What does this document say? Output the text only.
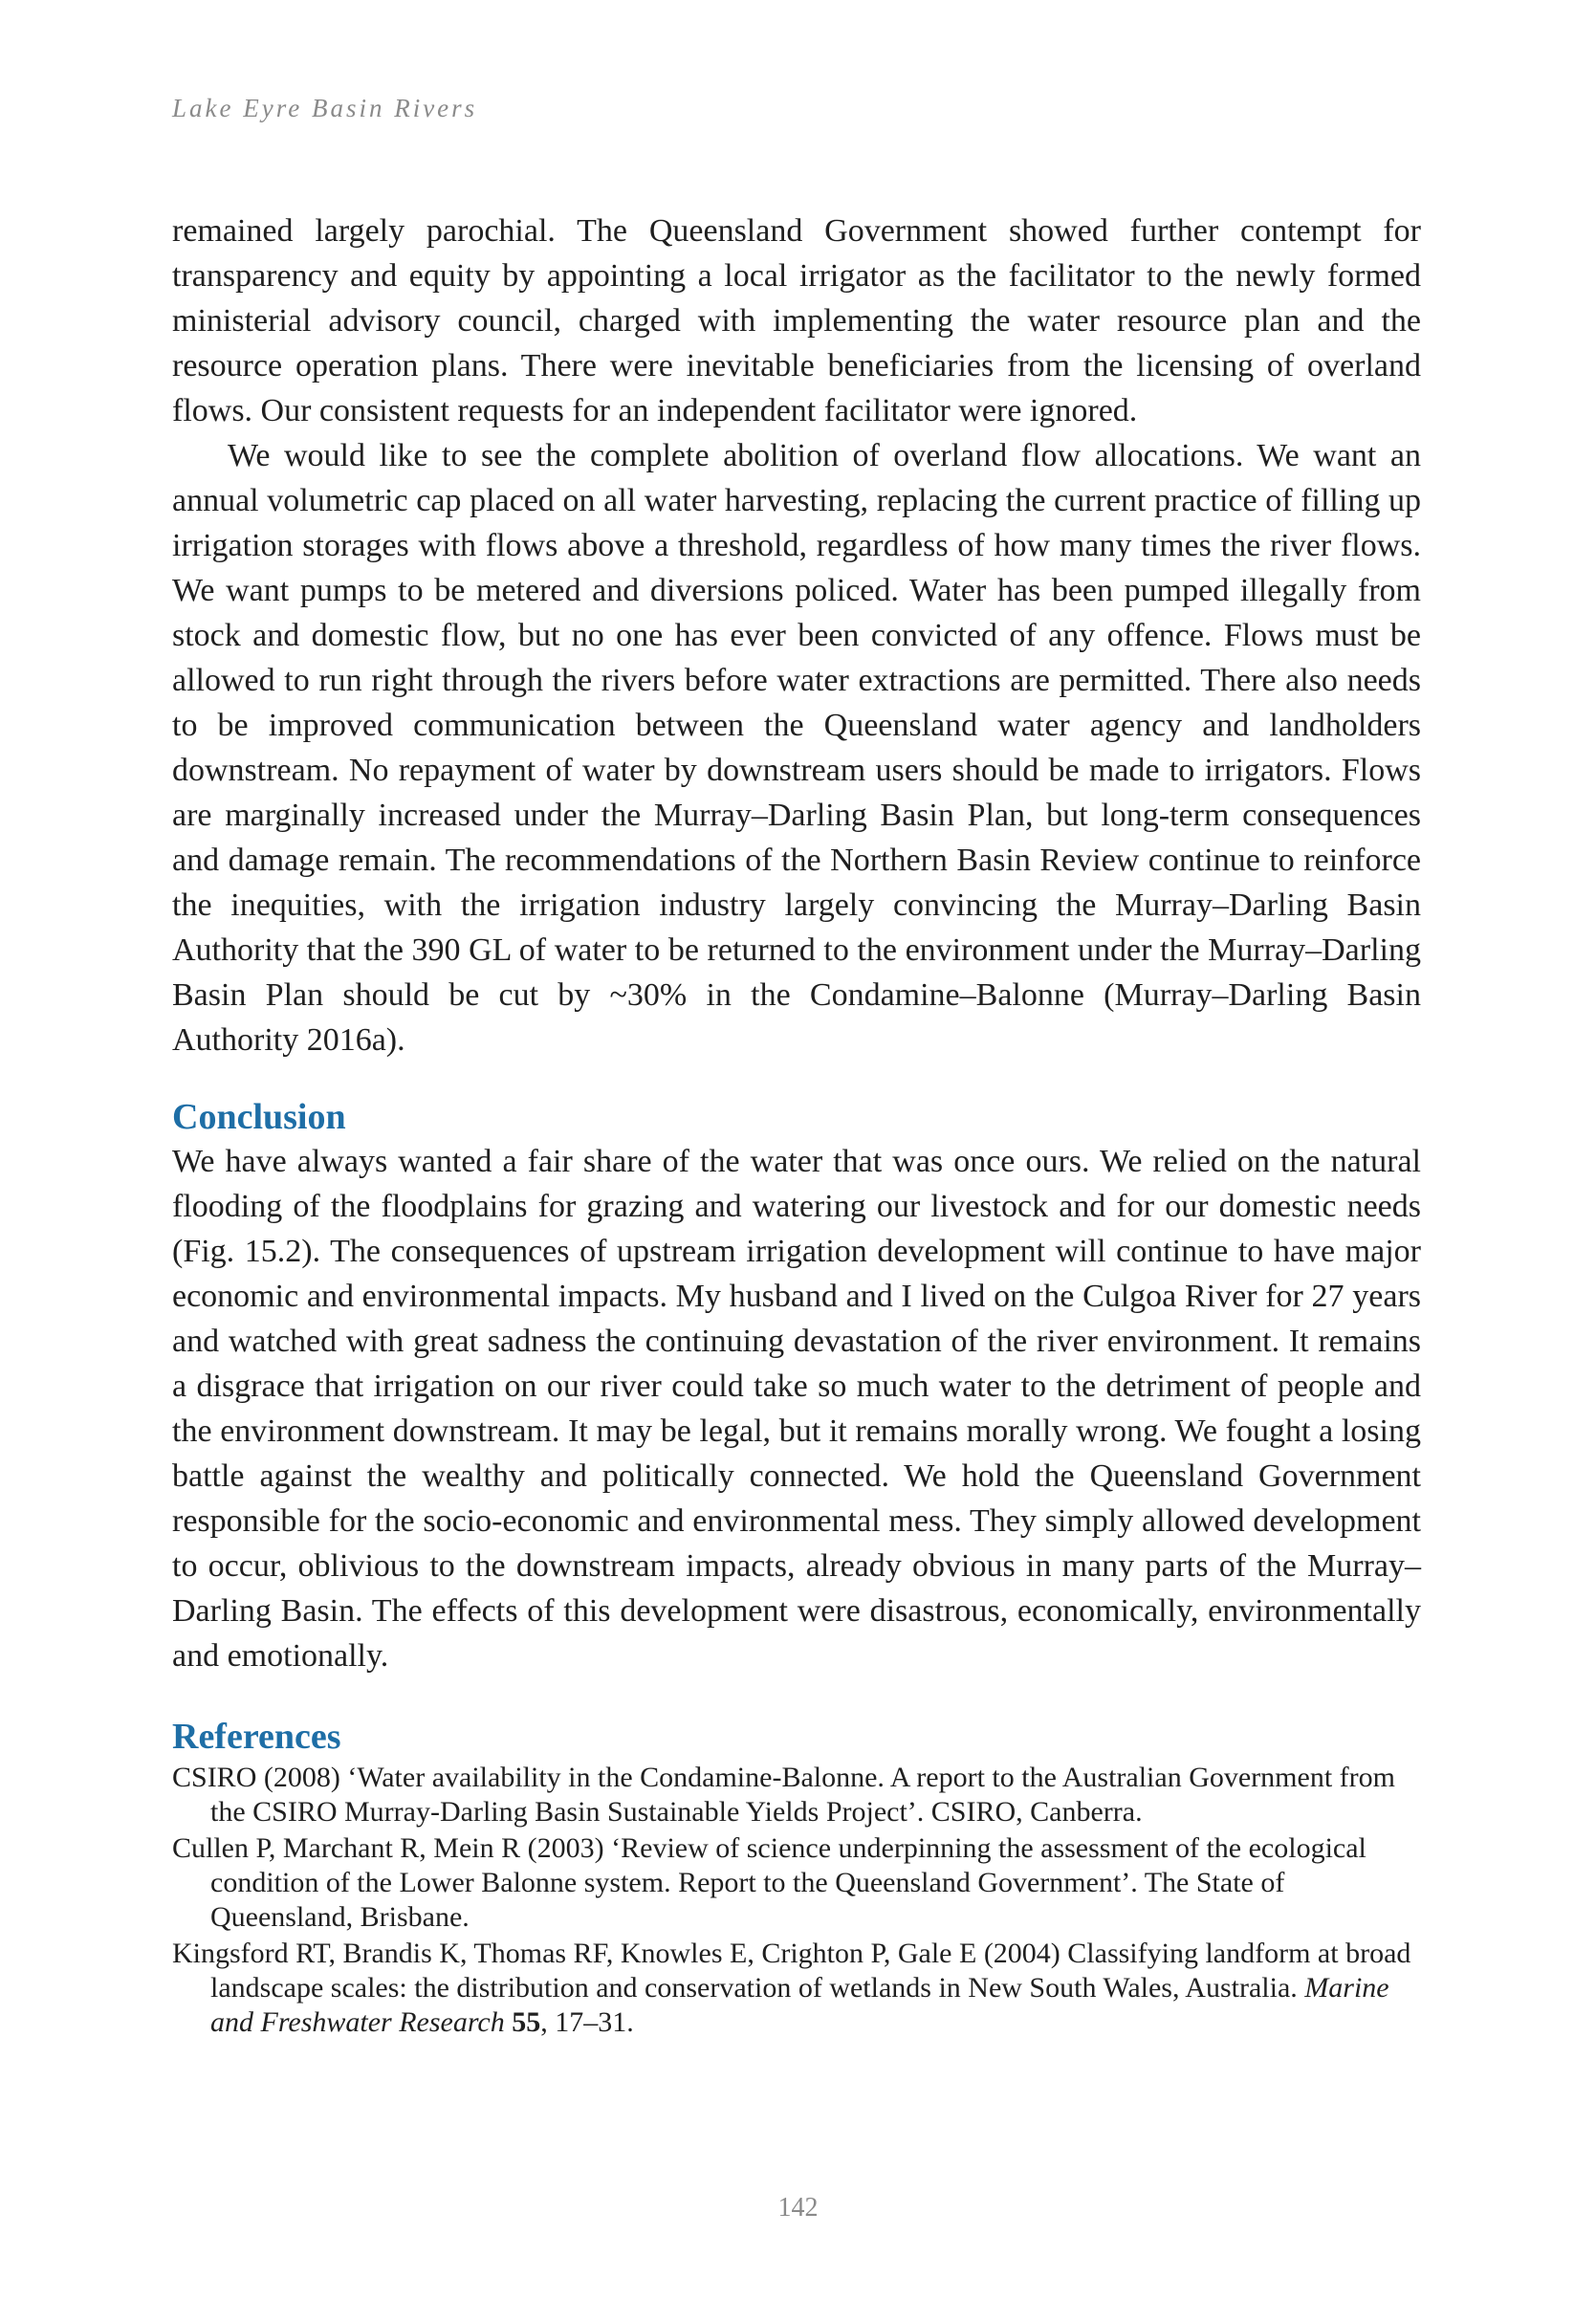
Lake Eyre Basin Rivers

remained largely parochial. The Queensland Government showed further contempt for transparency and equity by appointing a local irrigator as the facilitator to the newly formed ministerial advisory council, charged with implementing the water resource plan and the resource operation plans. There were inevitable beneficiaries from the licensing of overland flows. Our consistent requests for an independent facilitator were ignored.

We would like to see the complete abolition of overland flow allocations. We want an annual volumetric cap placed on all water harvesting, replacing the current practice of filling up irrigation storages with flows above a threshold, regardless of how many times the river flows. We want pumps to be metered and diversions policed. Water has been pumped illegally from stock and domestic flow, but no one has ever been convicted of any offence. Flows must be allowed to run right through the rivers before water extractions are permitted. There also needs to be improved communication between the Queensland water agency and landholders downstream. No repayment of water by downstream users should be made to irrigators. Flows are marginally increased under the Murray–Darling Basin Plan, but long-term consequences and damage remain. The recommendations of the Northern Basin Review continue to reinforce the inequities, with the irrigation industry largely convincing the Murray–Darling Basin Authority that the 390 GL of water to be returned to the environment under the Murray–Darling Basin Plan should be cut by ~30% in the Condamine–Balonne (Murray–Darling Basin Authority 2016a).

Conclusion

We have always wanted a fair share of the water that was once ours. We relied on the natural flooding of the floodplains for grazing and watering our livestock and for our domestic needs (Fig. 15.2). The consequences of upstream irrigation development will continue to have major economic and environmental impacts. My husband and I lived on the Culgoa River for 27 years and watched with great sadness the continuing devastation of the river environment. It remains a disgrace that irrigation on our river could take so much water to the detriment of people and the environment downstream. It may be legal, but it remains morally wrong. We fought a losing battle against the wealthy and politically connected. We hold the Queensland Government responsible for the socio-economic and environmental mess. They simply allowed development to occur, oblivious to the downstream impacts, already obvious in many parts of the Murray–Darling Basin. The effects of this development were disastrous, economically, environmentally and emotionally.

References
CSIRO (2008) ‘Water availability in the Condamine-Balonne. A report to the Australian Government from the CSIRO Murray-Darling Basin Sustainable Yields Project’. CSIRO, Canberra.
Cullen P, Marchant R, Mein R (2003) ‘Review of science underpinning the assessment of the ecological condition of the Lower Balonne system. Report to the Queensland Government’. The State of Queensland, Brisbane.
Kingsford RT, Brandis K, Thomas RF, Knowles E, Crighton P, Gale E (2004) Classifying landform at broad landscape scales: the distribution and conservation of wetlands in New South Wales, Australia. Marine and Freshwater Research 55, 17–31.
142
